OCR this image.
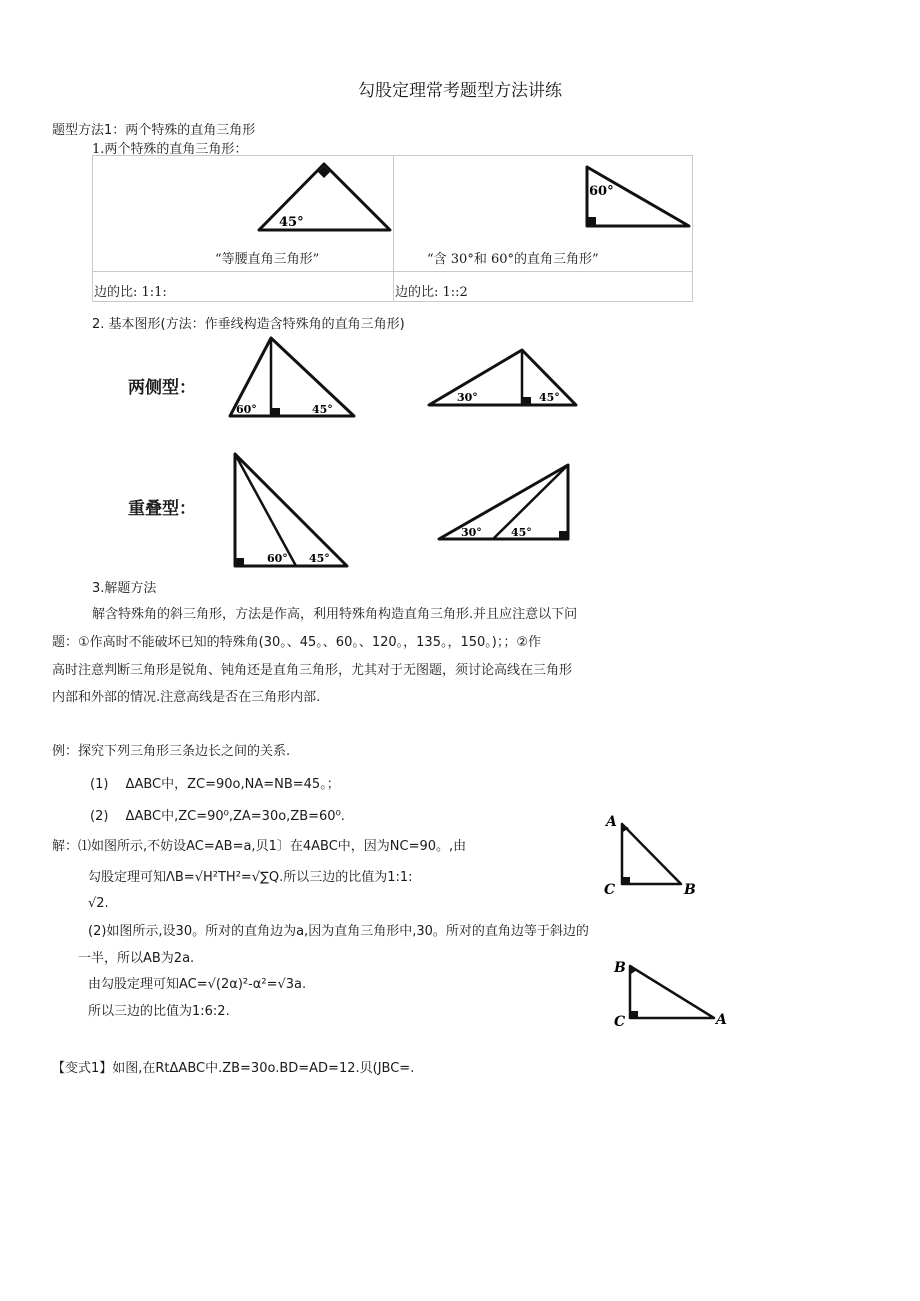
勾股定理常考题型方法讲练
题型方法1：两个特殊的直角三角形
1.两个特殊的直角三角形：
“等腰直角三角形”	“含 30°和 60°的直角三角形”
边的比: 1:1:	边的比: 1::2
45°
60°
2. 基本图形(方法：作垂线构造含特殊角的直角三角形)
两侧型：
重叠型：
60°	45°
30°	45°
60° 45°
30°	45°
3.解题方法
解含特殊角的斜三角形，方法是作高，利用特殊角构造直角三角形.并且应注意以下问
题：①作高时不能破坏已知的特殊角(30。、45。、60。、120。，135。，150。)；；②作
高时注意判断三角形是锐角、钝角还是直角三角形，尤其对于无图题，须讨论高线在三角形
内部和外部的情况.注意高线是否在三角形内部.
例：探究下列三角形三条边长之间的关系.
(1)　 ΔABC中，ZC=90o,NA=NB=45。；
(2)　 ΔABC中,ZC=90⁰,ZA=30o,ZB=60⁰.
解：⑴如图所示,不妨设AC=AB=a,贝1〕在4ABC中，因为NC=90。,由
勾股定理可知ΛB=√H²TH²=√∑Q.所以三边的比值为1:1:
√2.
(2)如图所示,设30。所对的直角边为a,因为直角三角形中,30。所对的直角边等于斜边的
一半，所以AB为2a.
由勾股定理可知AC=√(2α)²-α²=√3a.
所以三边的比值为1:6:2.
A
C	B
B
C	A
【变式1】如图,在RtΔABC中.ZB=30o.BD=AD=12.贝(JBC=.
